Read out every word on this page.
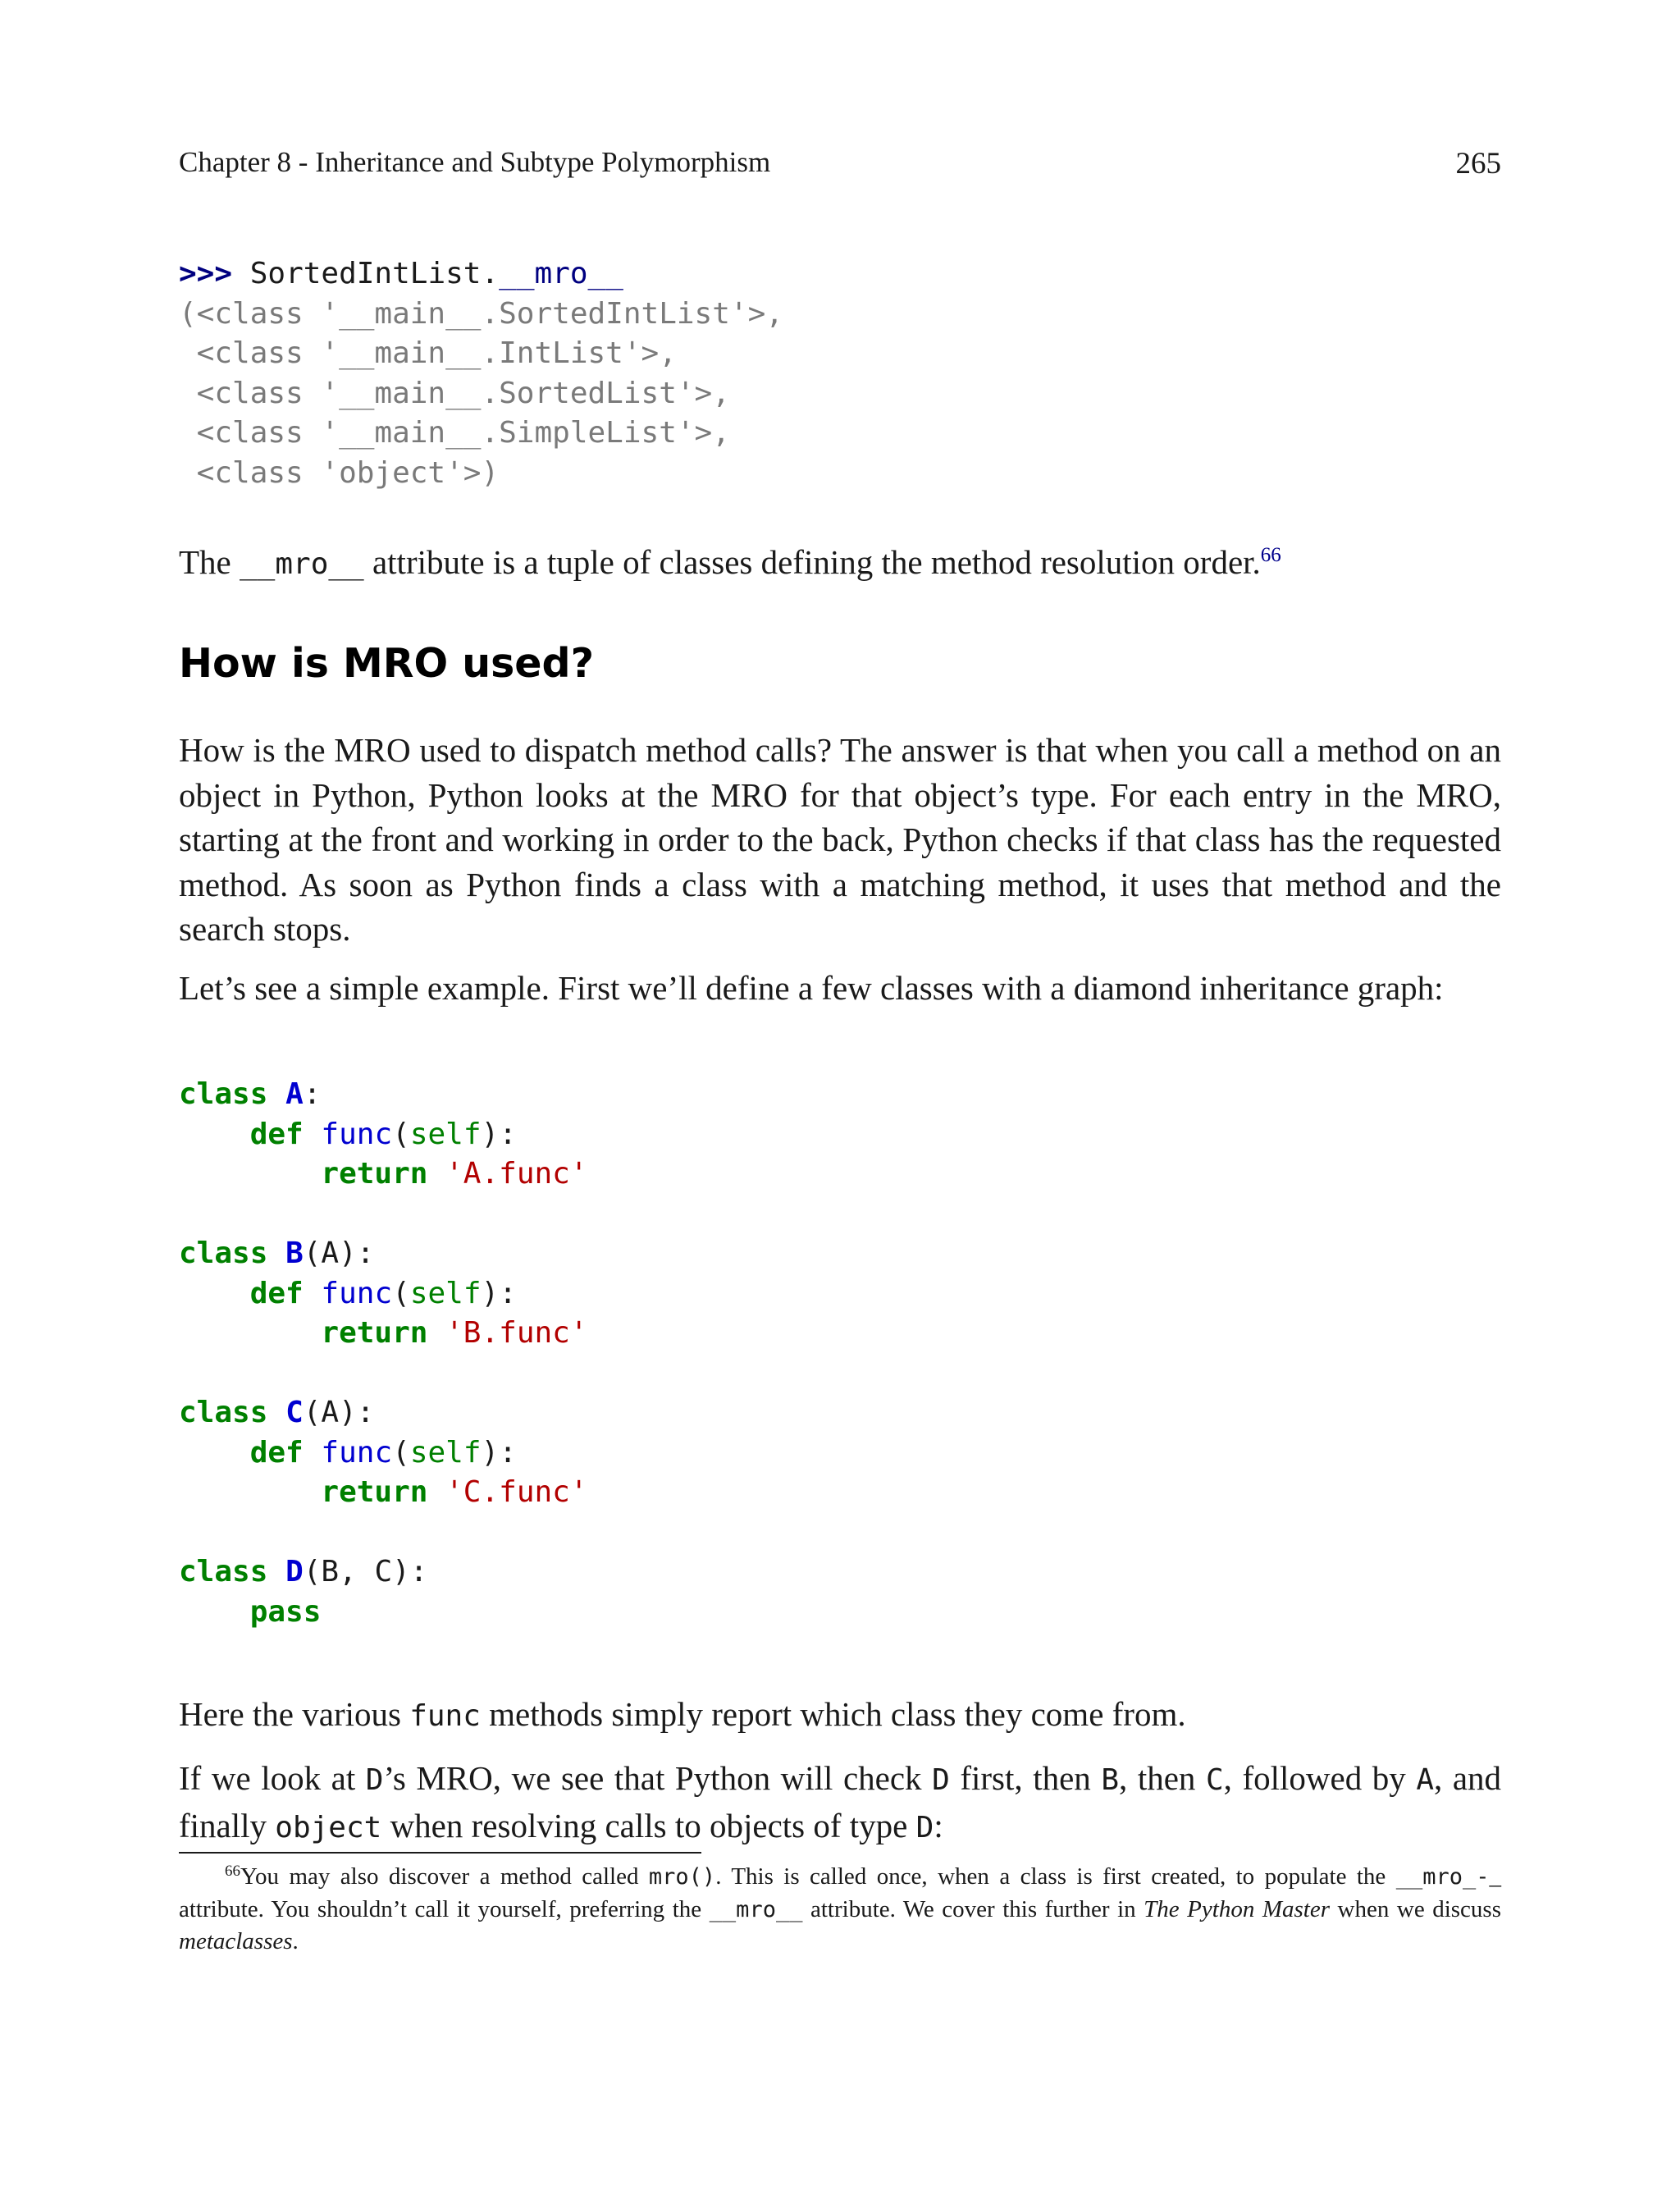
Chapter 8 - Inheritance and Subtype Polymorphism	265
>>> SortedIntList.__mro__
(<class '__main__.SortedIntList'>,
<class '__main__.IntList'>,
<class '__main__.SortedList'>,
<class '__main__.SimpleList'>,
<class 'object'>)

The __mro__ attribute is a tuple of classes defining the method resolution order.$^{66}$

How is MRO used?

How is the MRO used to dispatch method calls? The answer is that when you call a method on an object in Python, Python looks at the MRO for that object’s type. For each entry in the MRO, starting at the front and working in order to the back, Python checks if that class has the requested method. As soon as Python finds a class with a matching method, it uses that method and the search stops.

Let’s see a simple example. First we’ll define a few classes with a diamond inheritance graph:

class A:
def func(self):
return 'A.func'

class B(A):
def func(self):
return 'B.func'

class C(A):
def func(self):
return 'C.func'

class D(B, C):
pass

Here the various func methods simply report which class they come from.

If we look at D’s MRO, we see that Python will check D first, then B, then C, followed by A, and finally object when resolving calls to objects of type D:

$^{66}$You may also discover a method called mro(). This is called once, when a class is first created, to populate the __mro_-_ attribute. You shouldn’t call it yourself, preferring the __mro__ attribute. We cover this further in The Python Master when we discuss metaclasses.
